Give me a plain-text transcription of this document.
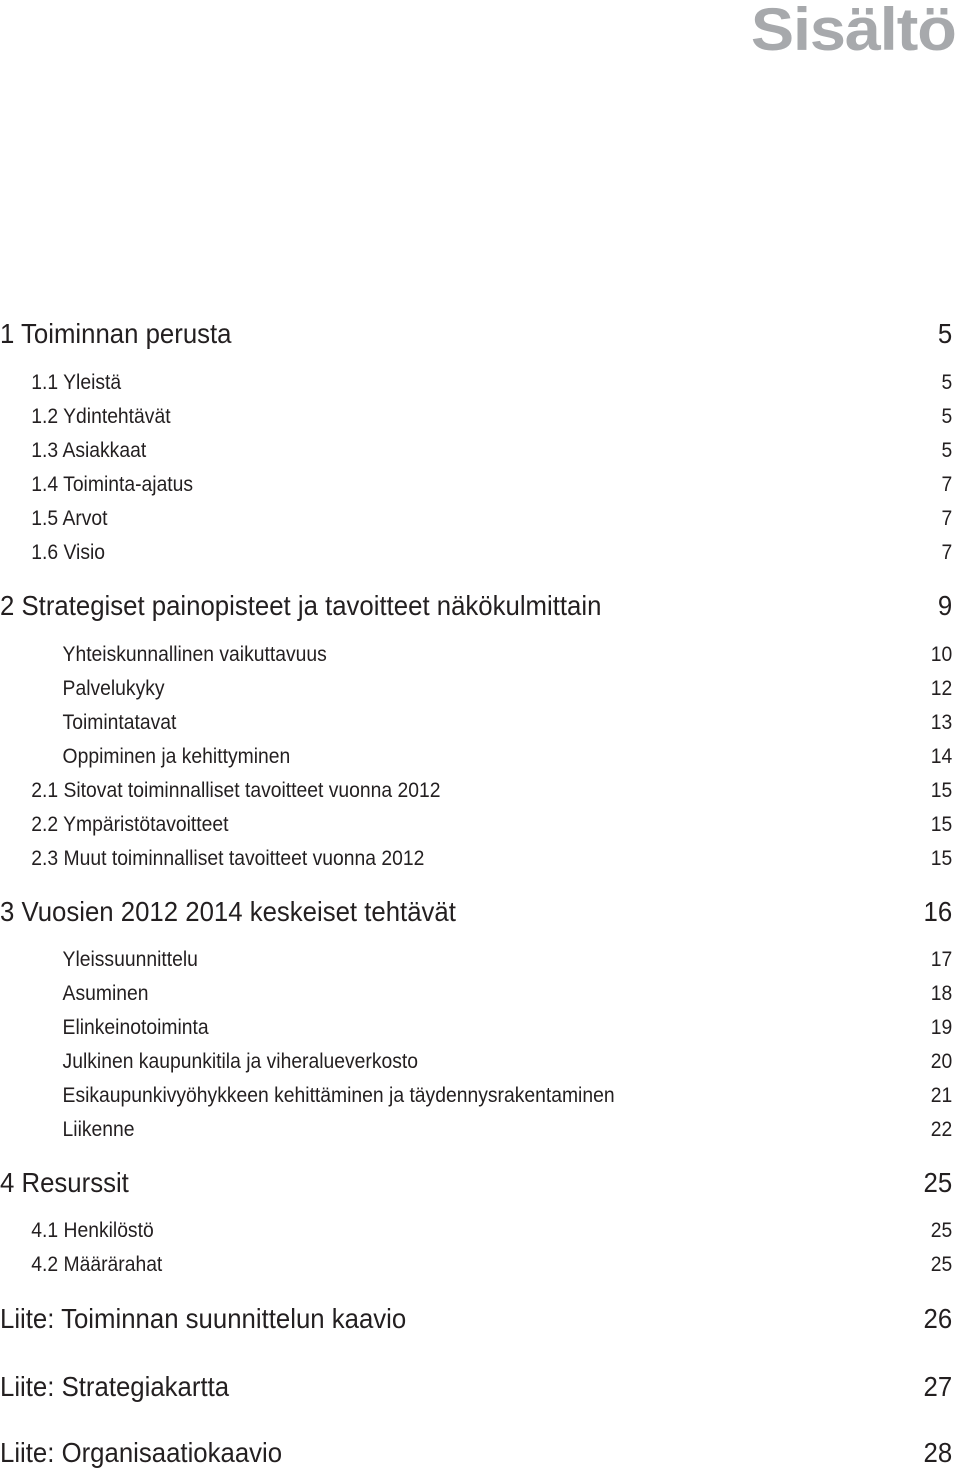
Sisältö
1 Toiminnan perusta	5
1.1 Yleistä	5
1.2 Ydintehtävät	5
1.3 Asiakkaat	5
1.4 Toiminta-ajatus	7
1.5 Arvot	7
1.6 Visio	7
2 Strategiset painopisteet ja tavoitteet näkökulmittain	9
Yhteiskunnallinen vaikuttavuus	10
Palvelukyky	12
Toimintatavat	13
Oppiminen ja kehittyminen	14
2.1 Sitovat toiminnalliset tavoitteet vuonna 2012	15
2.2 Ympäristötavoitteet	15
2.3 Muut toiminnalliset tavoitteet vuonna 2012	15
3 Vuosien 2012 2014 keskeiset tehtävät	16
Yleissuunnittelu	17
Asuminen	18
Elinkeinotoiminta	19
Julkinen kaupunkitila ja viheralueverkosto	20
Esikaupunkivyöhykkeen kehittäminen ja täydennysrakentaminen	21
Liikenne	22
4 Resurssit	25
4.1 Henkilöstö	25
4.2 Määrärahat	25
Liite: Toiminnan suunnittelun kaavio	26
Liite: Strategiakartta	27
Liite: Organisaatiokaavio	28
